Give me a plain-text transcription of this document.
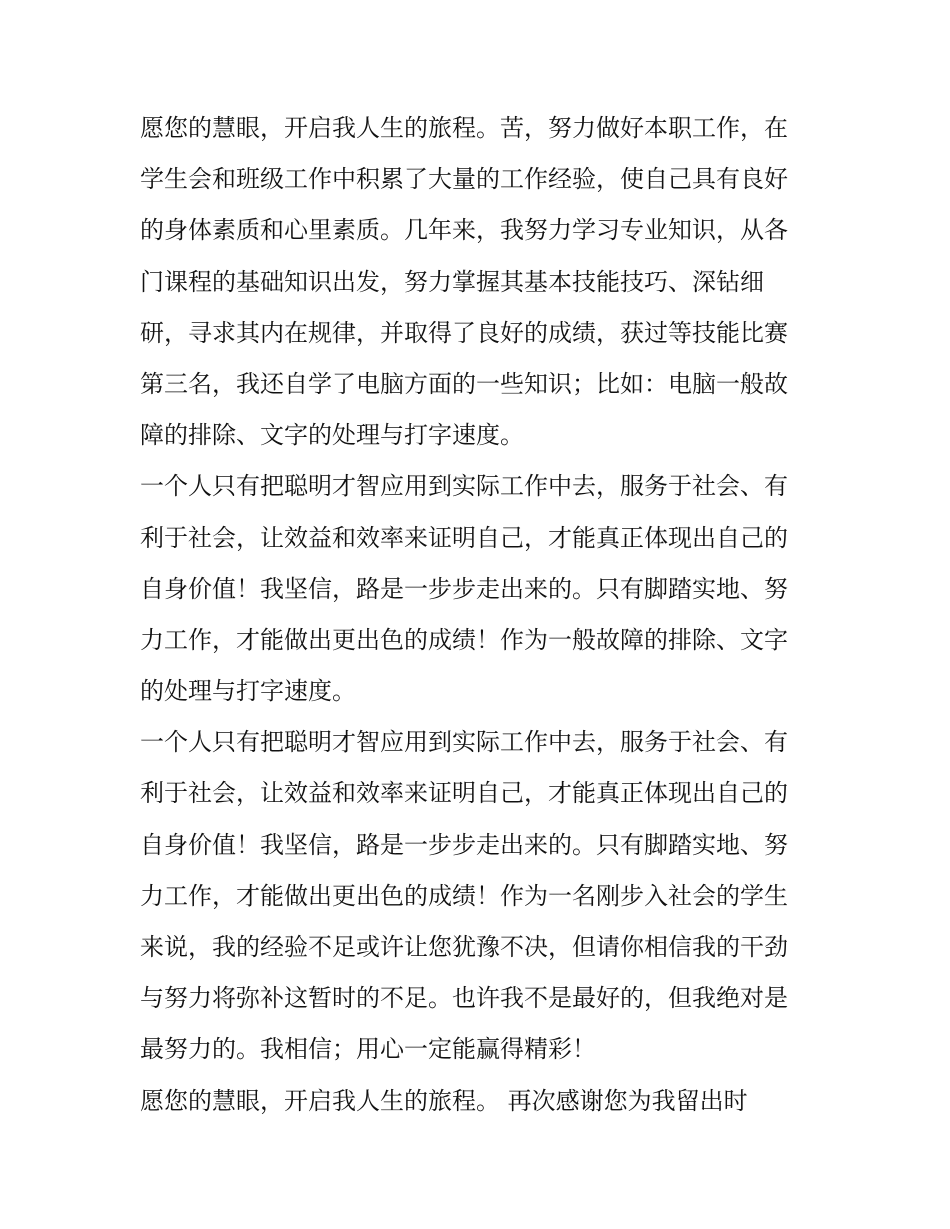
愿您的慧眼，开启我人生的旅程。苦，努力做好本职工作，在
学生会和班级工作中积累了大量的工作经验，使自己具有良好
的身体素质和心里素质。几年来，我努力学习专业知识，从各
门课程的基础知识出发，努力掌握其基本技能技巧、深钻细
研，寻求其内在规律，并取得了良好的成绩，获过等技能比赛
第三名，我还自学了电脑方面的一些知识；比如：电脑一般故
障的排除、文字的处理与打字速度。
一个人只有把聪明才智应用到实际工作中去，服务于社会、有
利于社会，让效益和效率来证明自己，才能真正体现出自己的
自身价值！我坚信，路是一步步走出来的。只有脚踏实地、努
力工作，才能做出更出色的成绩！作为一般故障的排除、文字
的处理与打字速度。
一个人只有把聪明才智应用到实际工作中去，服务于社会、有
利于社会，让效益和效率来证明自己，才能真正体现出自己的
自身价值！我坚信，路是一步步走出来的。只有脚踏实地、努
力工作，才能做出更出色的成绩！作为一名刚步入社会的学生
来说，我的经验不足或许让您犹豫不决，但请你相信我的干劲
与努力将弥补这暂时的不足。也许我不是最好的，但我绝对是
最努力的。我相信；用心一定能赢得精彩！
愿您的慧眼，开启我人生的旅程。 再次感谢您为我留出时
